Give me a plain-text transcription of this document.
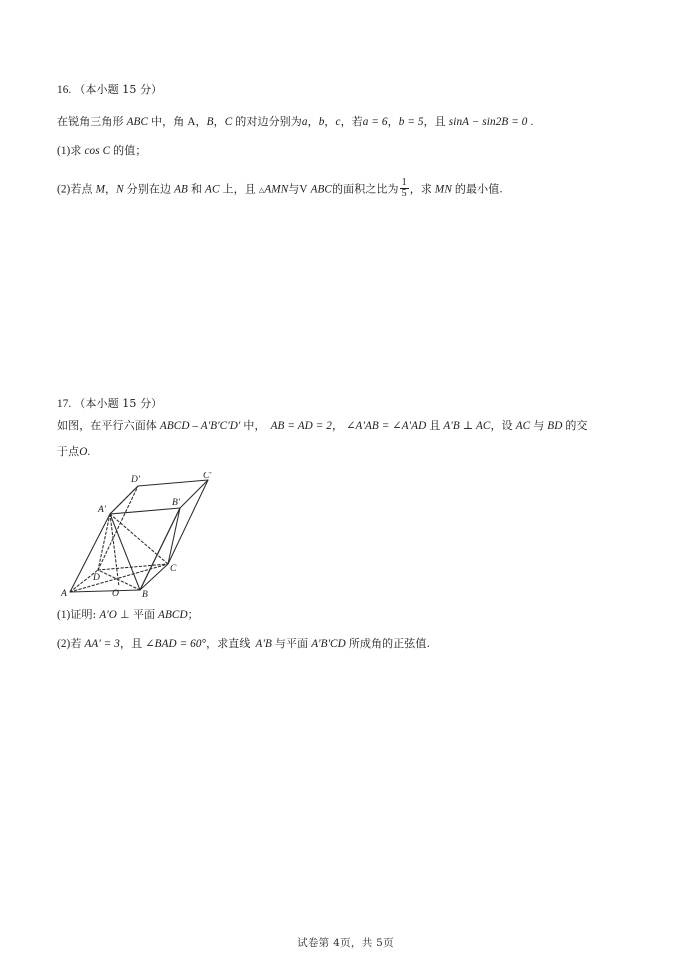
16. （本小题 15 分）
在锐角三角形 ABC 中，角 A，B，C 的对边分别为a，b，c，若a = 6，b = 5，且 sinA − sin2B = 0 .
(1)求 cos C 的值；
(2)若点 M，N 分别在边 AB 和 AC 上，且 △AMN与V ABC的面积之比为 $\frac{1}{5}$ ，求 MN 的最小值.
17. （本小题 15 分）
如图，在平行六面体 ABCD – A'B'C'D' 中， AB = AD = 2， ∠A'AB = ∠A'AD 且 A'B ⊥ AC，设 AC 与 BD 的交
于点O.
D'	C'
A'
B'
D
C
A	B
O
(1)证明: A'O ⊥ 平面 ABCD；
(2)若 AA' = 3，且 ∠BAD = 60°，求直线 A'B 与平面 A'B'CD 所成角的正弦值.
试卷第 4页，共 5页
